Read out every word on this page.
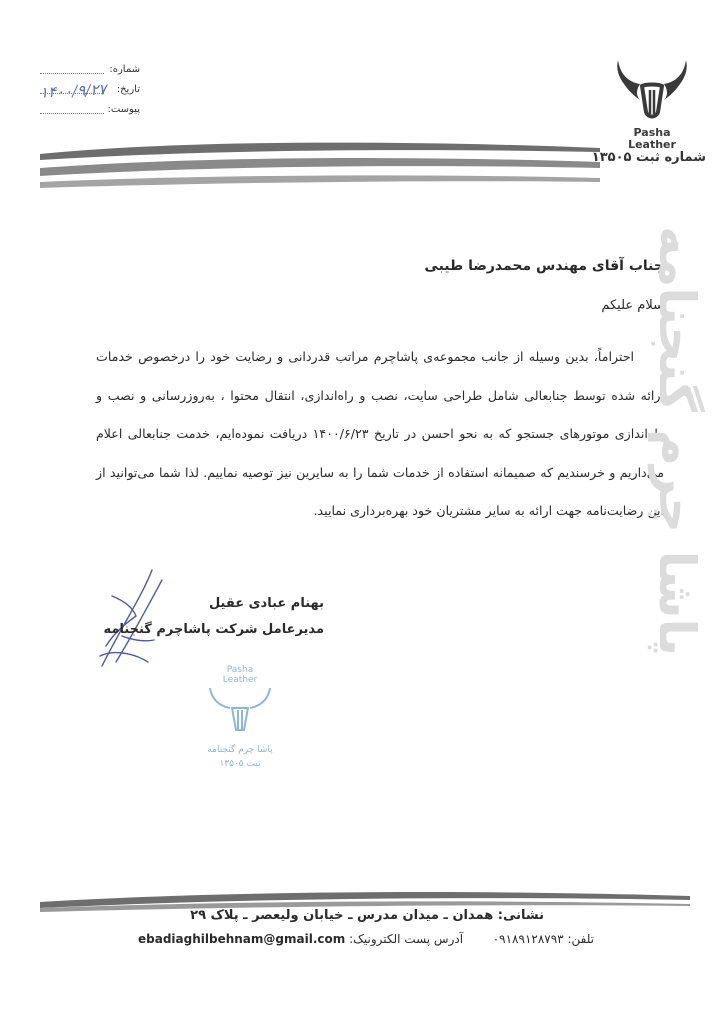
شماره:
تاریخ:
۱۴۰۰/۹/۲۷
پیوست:
Pasha
Leather
شماره ثبت ۱۳۵۰۵
جناب آقای مهندس محمدرضا طیبی
سلام علیکم

احتراماً، بدین وسیله از جانب مجموعه‌ی پاشاچرم مراتب قدردانی و رضایت خود را درخصوص خدمات ارائه شده توسط جنابعالی شامل طراحی سایت، نصب و راه‌اندازی، انتقال محتوا ، به‌روزرسانی و نصب و راه‌اندازی موتورهای جستجو که به نحو احسن در تاریخ ۱۴۰۰/۶/۲۳ دریافت نموده‌ایم، خدمت جنابعالی اعلام می‌داریم و خرسندیم که صمیمانه استفاده از خدمات شما را به سایرین نیز توصیه نماییم. لذا شما می‌توانید از این رضایت‌نامه جهت ارائه به سایر مشتریان خود بهره‌برداری نمایید.

پاشا چرم گنجنامه
بهنام عبادی عقیل
مدیرعامل شرکت پاشاچرم گنجنامه
Pasha
Leather
پاشا چرم گنجنامه
ثبت ۱۳۵۰۵
نشانی: همدان ـ میدان مدرس ـ خیابان ولیعصر ـ پلاک ۲۹
تلفن: ۰۹۱۸۹۱۲۸۷۹۳  آدرس پست الکترونیک: ebadiaghilbehnam@gmail.com
